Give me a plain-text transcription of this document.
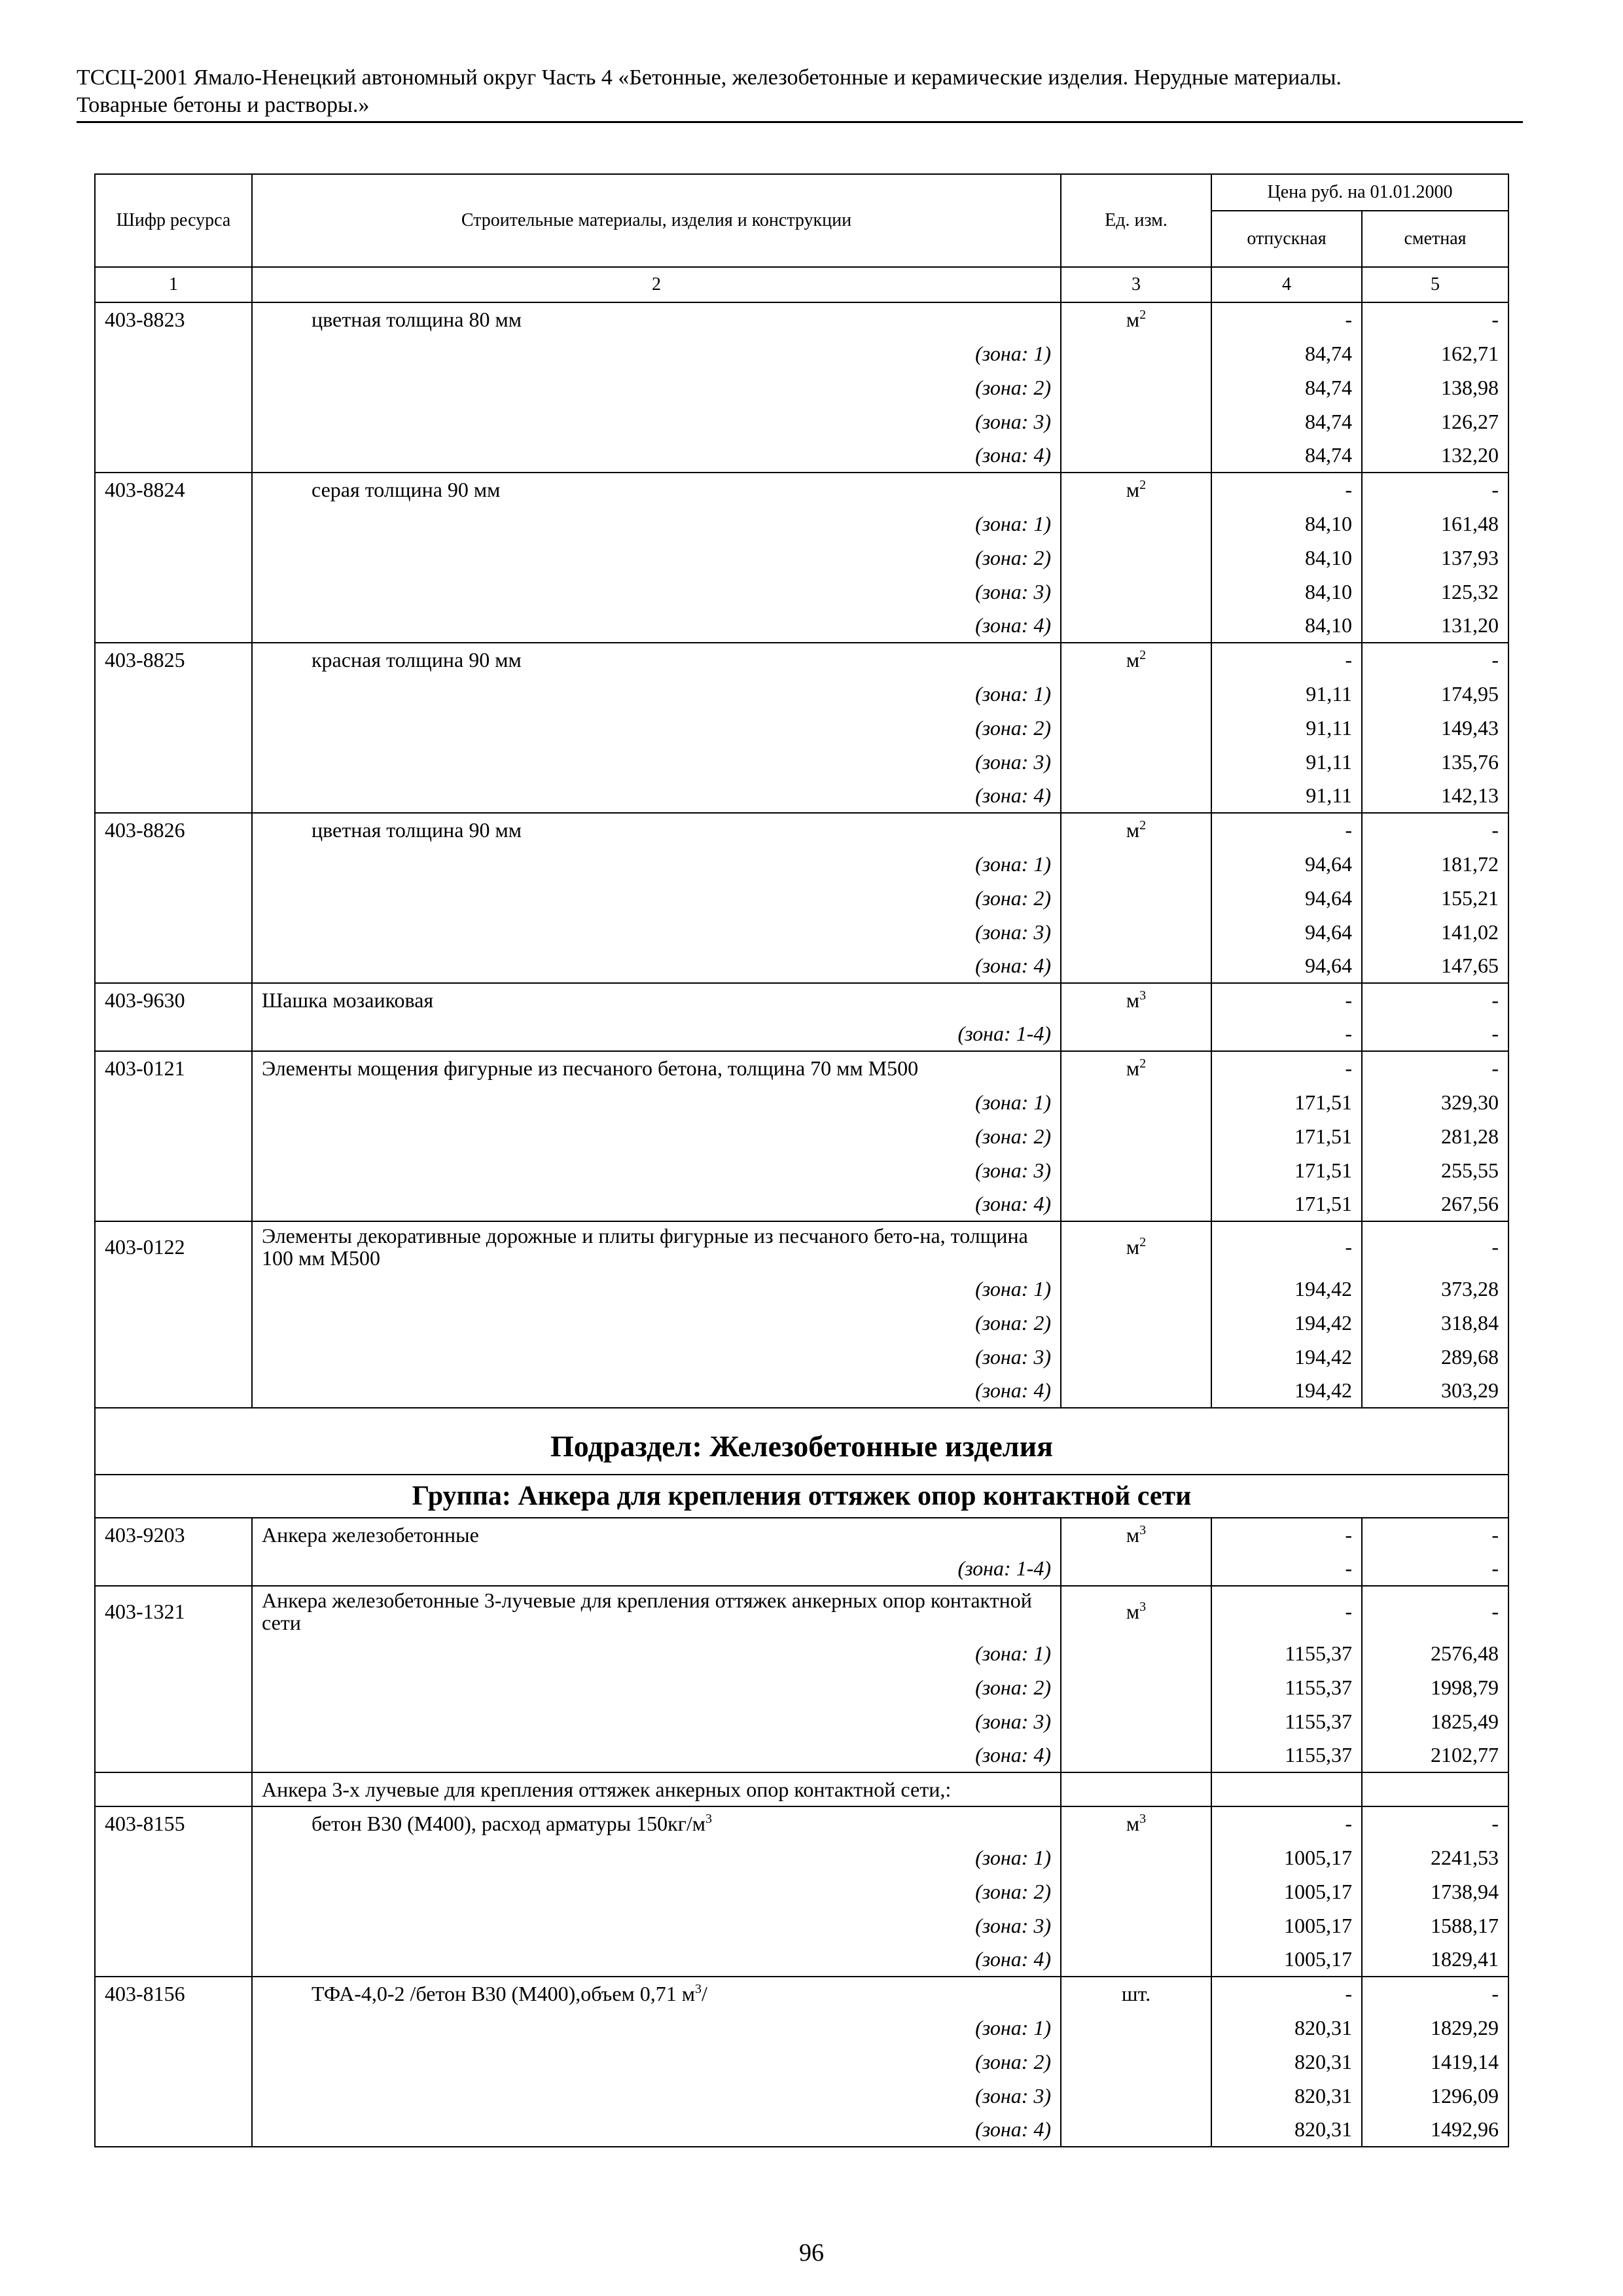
ТССЦ-2001 Ямало-Ненецкий автономный округ Часть 4 «Бетонные, железобетонные и керамические изделия. Нерудные материалы.
Товарные бетоны и растворы.»
Шифр ресурса	Строительные материалы, изделия и конструкции	Ед. изм.	Цена руб. на 01.01.2000	
			отпускная	сметная
1	2	3	4	5
403-8823	цветная толщина 80 мм	$м^2$	-	-
	(зона: 1)		84,74	162,71
	(зона: 2)		84,74	138,98
	(зона: 3)		84,74	126,27
	(зона: 4)		84,74	132,20
403-8824	серая толщина 90 мм	$м^2$	-	-
	(зона: 1)		84,10	161,48
	(зона: 2)		84,10	137,93
	(зона: 3)		84,10	125,32
	(зона: 4)		84,10	131,20
403-8825	красная толщина 90 мм	$м^2$	-	-
	(зона: 1)		91,11	174,95
	(зона: 2)		91,11	149,43
	(зона: 3)		91,11	135,76
	(зона: 4)		91,11	142,13
403-8826	цветная толщина 90 мм	$м^2$	-	-
	(зона: 1)		94,64	181,72
	(зона: 2)		94,64	155,21
	(зона: 3)		94,64	141,02
	(зона: 4)		94,64	147,65
403-9630	Шашка мозаиковая	$м^3$	-	-
	(зона: 1-4)		-	-
403-0121	Элементы мощения фигурные из песчаного бетона, толщина 70 мм М500	$м^2$	-	-
	(зона: 1)		171,51	329,30
	(зона: 2)		171,51	281,28
	(зона: 3)		171,51	255,55
	(зона: 4)		171,51	267,56
403-0122	Элементы декоративные дорожные и плиты фигурные из песчаного бето-на, толщина 100 мм М500	$м^2$	-	-
	(зона: 1)		194,42	373,28
	(зона: 2)		194,42	318,84
	(зона: 3)		194,42	289,68
	(зона: 4)		194,42	303,29
Подраздел: Железобетонные изделия				
Группа: Анкера для крепления оттяжек опор контактной сети				
403-9203	Анкера железобетонные	$м^3$	-	-
	(зона: 1-4)		-	-
403-1321	Анкера железобетонные 3-лучевые для крепления оттяжек анкерных опор контактной сети	$м^3$	-	-
	(зона: 1)		1155,37	2576,48
	(зона: 2)		1155,37	1998,79
	(зона: 3)		1155,37	1825,49
	(зона: 4)		1155,37	2102,77
	Анкера 3-х лучевые для крепления оттяжек анкерных опор контактной сети,:			
403-8155	бетон В30 (М400), расход арматуры $150кг/м^3$	$м^3$	-	-
	(зона: 1)		1005,17	2241,53
	(зона: 2)		1005,17	1738,94
	(зона: 3)		1005,17	1588,17
	(зона: 4)		1005,17	1829,41
403-8156	ТФА-4,0-2 /бетон В30 (М400),объем 0,71 $м^3/$	шт.	-	-
	(зона: 1)		820,31	1829,29
	(зона: 2)		820,31	1419,14
	(зона: 3)		820,31	1296,09
	(зона: 4)		820,31	1492,96
96
